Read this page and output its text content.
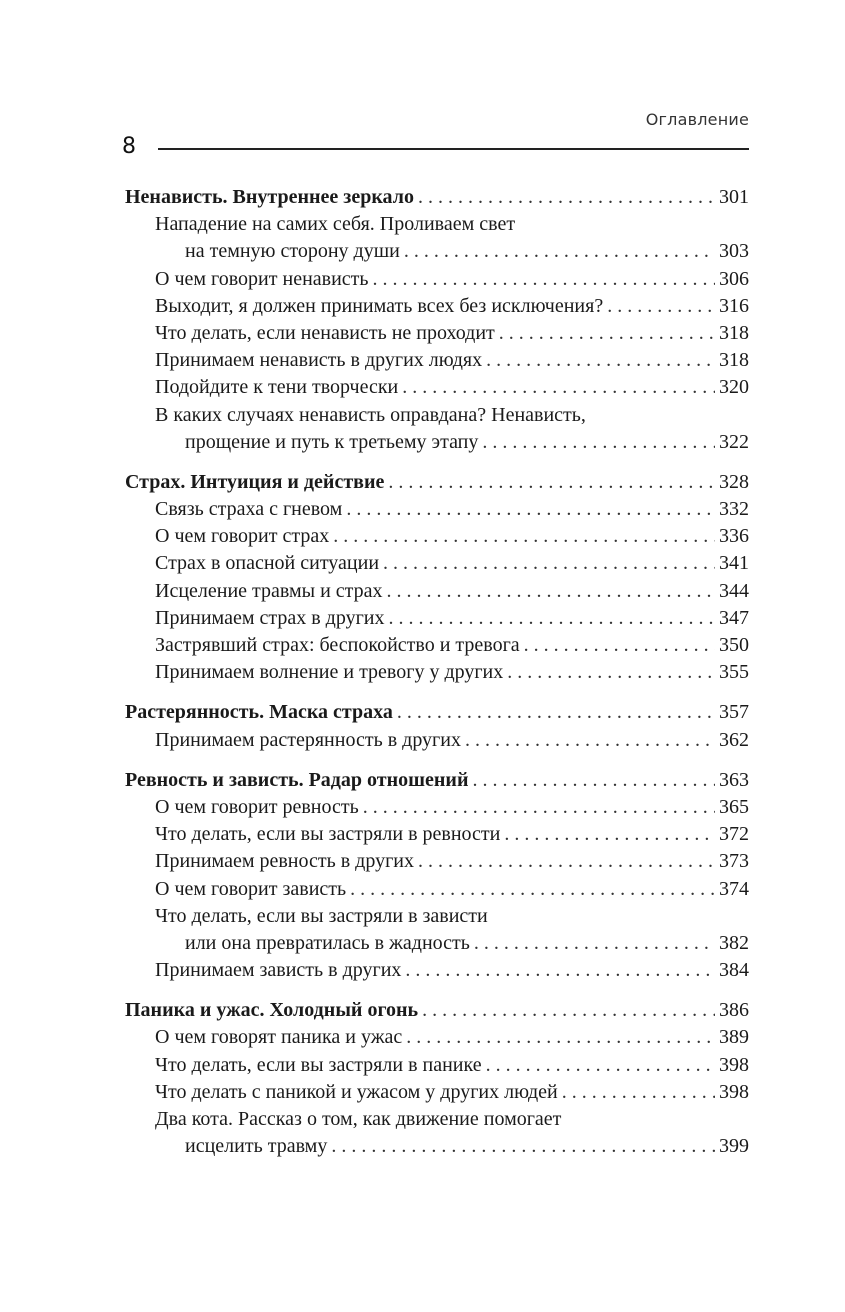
Оглавление
8
Ненависть. Внутреннее зеркало . . .	301
Нападение на самих себя. Проливаем свет
на темную сторону души . . .	303
О чем говорит ненависть . . .	306
Выходит, я должен принимать всех без исключения? . . .	316
Что делать, если ненависть не проходит . . .	318
Принимаем ненависть в других людях . . .	318
Подойдите к тени творчески . . .	320
В каких случаях ненависть оправдана? Ненависть,
прощение и путь к третьему этапу . . .	322
Страх. Интуиция и действие . . .	328
Связь страха с гневом . . .	332
О чем говорит страх . . .	336
Страх в опасной ситуации . . .	341
Исцеление травмы и страх . . .	344
Принимаем страх в других . . .	347
Застрявший страх: беспокойство и тревога . . .	350
Принимаем волнение и тревогу у других . . .	355
Растерянность. Маска страха . . .	357
Принимаем растерянность в других . . .	362
Ревность и зависть. Радар отношений . . .	363
О чем говорит ревность . . .	365
Что делать, если вы застряли в ревности . . .	372
Принимаем ревность в других . . .	373
О чем говорит зависть . . .	374
Что делать, если вы застряли в зависти
или она превратилась в жадность . . .	382
Принимаем зависть в других . . .	384
Паника и ужас. Холодный огонь . . .	386
О чем говорят паника и ужас . . .	389
Что делать, если вы застряли в панике . . .	398
Что делать с паникой и ужасом у других людей . . .	398
Два кота. Рассказ о том, как движение помогает
исцелить травму . . .	399
